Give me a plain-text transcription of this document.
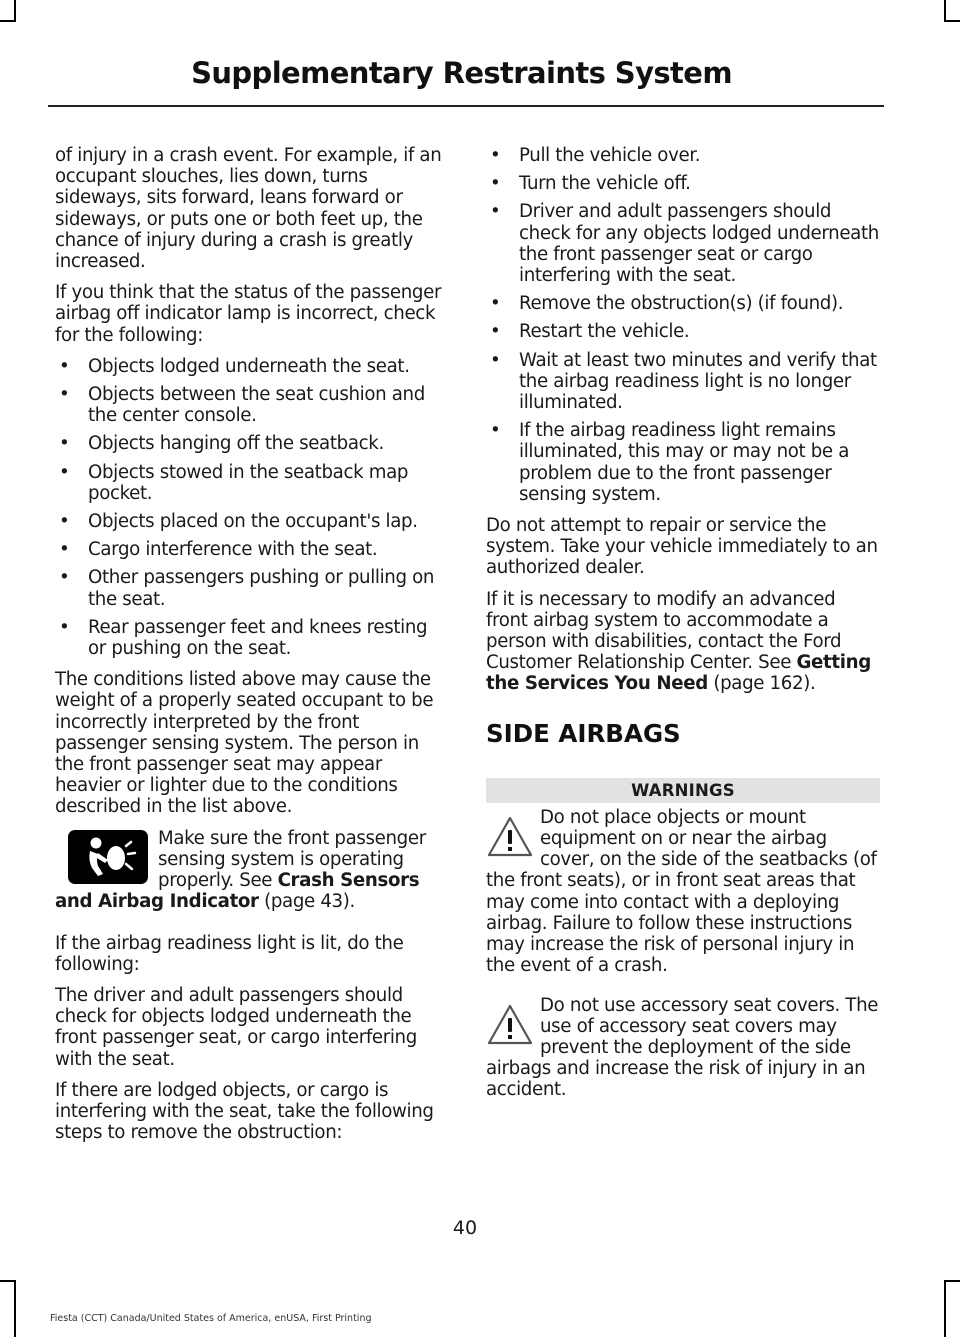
Supplementary Restraints System

of injury in a crash event. For example, if an occupant slouches, lies down, turns sideways, sits forward, leans forward or sideways, or puts one or both feet up, the chance of injury during a crash is greatly increased.

If you think that the status of the passenger airbag off indicator lamp is incorrect, check for the following:

• Objects lodged underneath the seat.
• Objects between the seat cushion and the center console.
• Objects hanging off the seatback.
• Objects stowed in the seatback map pocket.
• Objects placed on the occupant's lap.
• Cargo interference with the seat.
• Other passengers pushing or pulling on the seat.
• Rear passenger feet and knees resting or pushing on the seat.

The conditions listed above may cause the weight of a properly seated occupant to be incorrectly interpreted by the front passenger sensing system. The person in the front passenger seat may appear heavier or lighter due to the conditions described in the list above.

Make sure the front passenger sensing system is operating properly. See Crash Sensors and Airbag Indicator (page 43).

If the airbag readiness light is lit, do the following:

The driver and adult passengers should check for objects lodged underneath the front passenger seat, or cargo interfering with the seat.

If there are lodged objects, or cargo is interfering with the seat, take the following steps to remove the obstruction:

• Pull the vehicle over.
• Turn the vehicle off.
• Driver and adult passengers should check for any objects lodged underneath the front passenger seat or cargo interfering with the seat.
• Remove the obstruction(s) (if found).
• Restart the vehicle.
• Wait at least two minutes and verify that the airbag readiness light is no longer illuminated.
• If the airbag readiness light remains illuminated, this may or may not be a problem due to the front passenger sensing system.

Do not attempt to repair or service the system. Take your vehicle immediately to an authorized dealer.

If it is necessary to modify an advanced front airbag system to accommodate a person with disabilities, contact the Ford Customer Relationship Center. See Getting the Services You Need (page 162).

SIDE AIRBAGS
WARNINGS
Do not place objects or mount equipment on or near the airbag cover, on the side of the seatbacks (of the front seats), or in front seat areas that may come into contact with a deploying airbag. Failure to follow these instructions may increase the risk of personal injury in the event of a crash.
Do not use accessory seat covers. The use of accessory seat covers may prevent the deployment of the side airbags and increase the risk of injury in an accident.
40
Fiesta (CCT) Canada/United States of America, enUSA, First Printing
